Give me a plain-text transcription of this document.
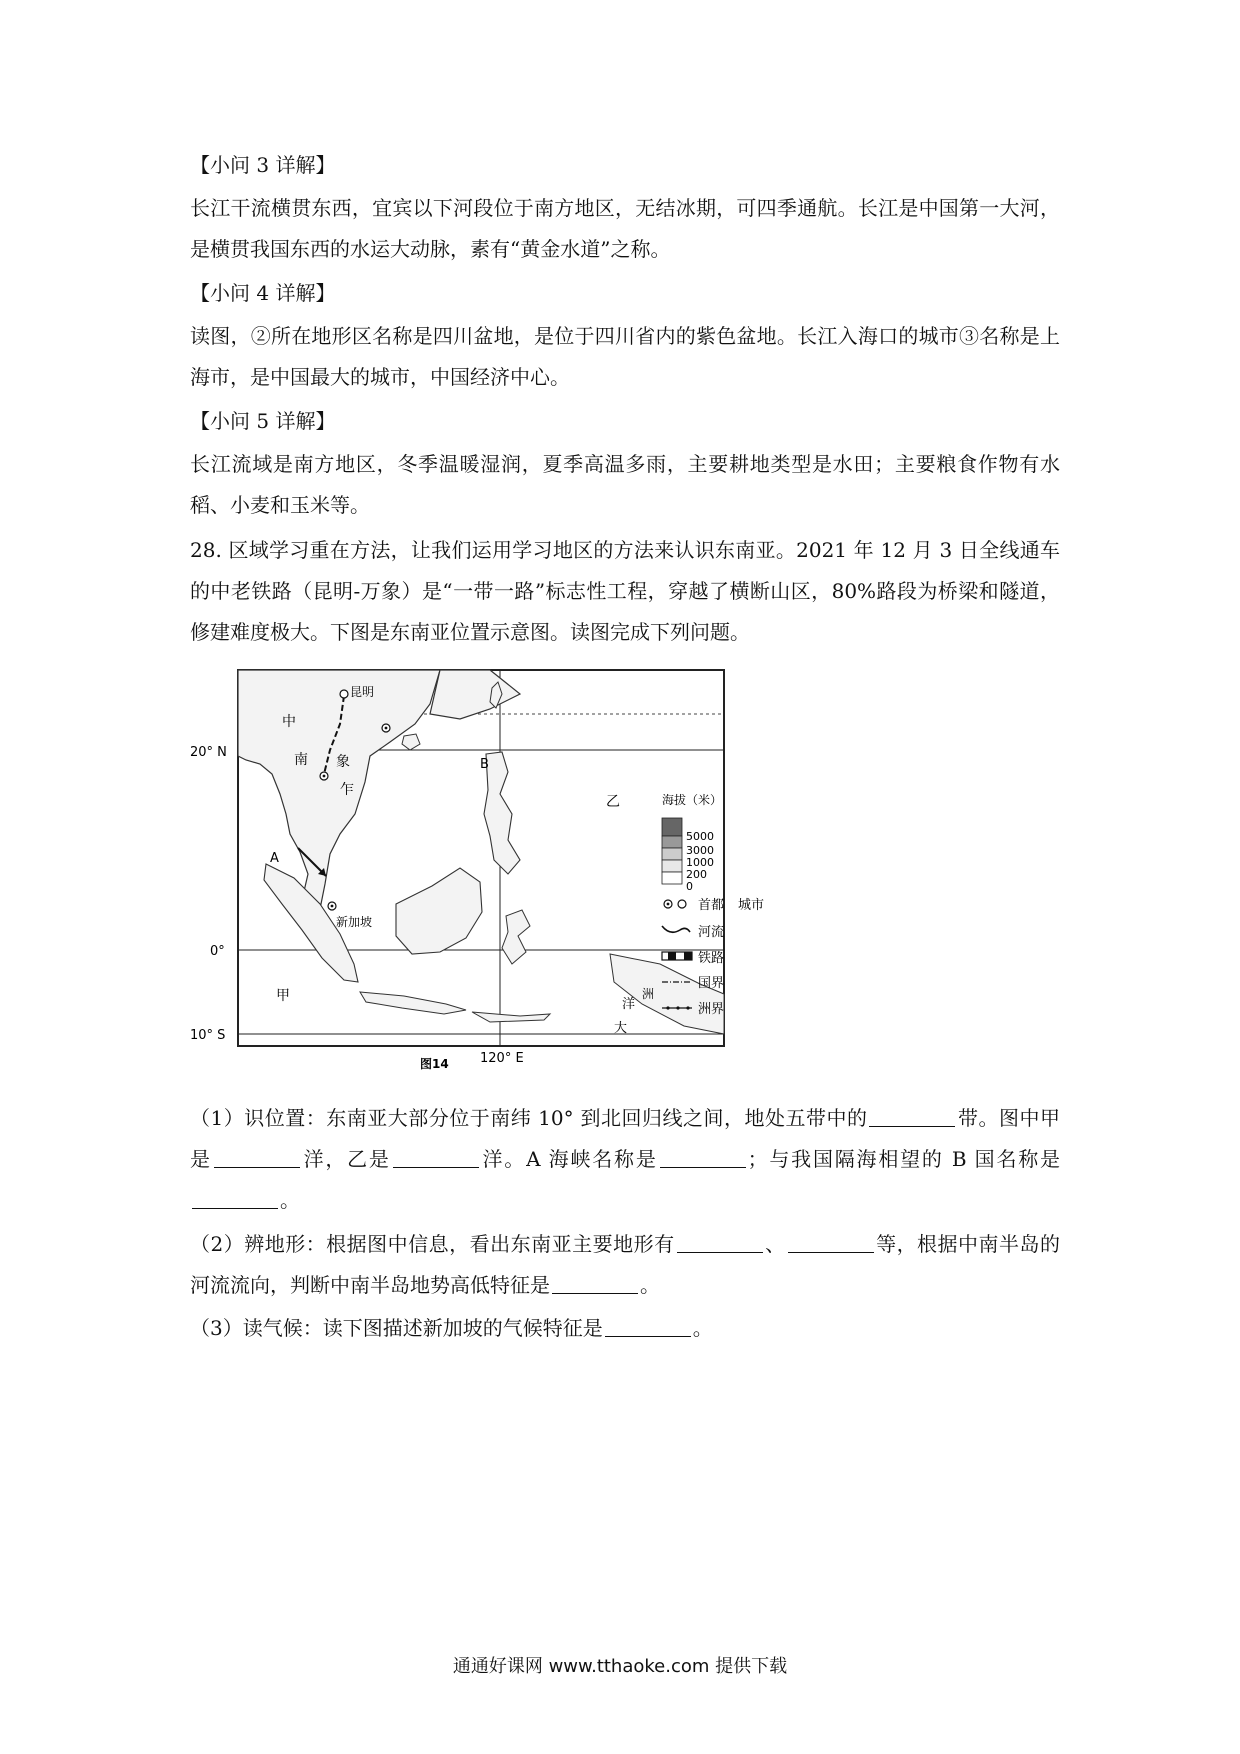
【小问 3 详解】
长江干流横贯东西，宜宾以下河段位于南方地区，无结冰期，可四季通航。长江是中国第一大河，是横贯我国东西的水运大动脉，素有“黄金水道”之称。
【小问 4 详解】
读图，②所在地形区名称是四川盆地，是位于四川省内的紫色盆地。长江入海口的城市③名称是上海市，是中国最大的城市，中国经济中心。
【小问 5 详解】
长江流域是南方地区，冬季温暖湿润，夏季高温多雨，主要耕地类型是水田；主要粮食作物有水稻、小麦和玉米等。
28. 区域学习重在方法，让我们运用学习地区的方法来认识东南亚。2021 年 12 月 3 日全线通车的中老铁路（昆明-万象）是“一带一路”标志性工程，穿越了横断山区，80%路段为桥梁和隧道，修建难度极大。下图是东南亚位置示意图。读图完成下列问题。
20° N
0°
10° S
120° E
图14
昆明
中
南 象
乍
新加坡
A
B
甲
乙
洋
大
洲
海拔（米）
5000
3000
1000
200
0
首都 城市
河流
铁路
国界
洲界
（1）识位置：东南亚大部分位于南纬 10° 到北回归线之间，地处五带中的	带。图中甲是	洋，乙是	洋。A 海峡名称是	；与我国隔海相望的 B 国名称是。
（2）辨地形：根据图中信息，看出东南亚主要地形有	、	等，根据中南半岛的河流流向，判断中南半岛地势高低特征是	。
（3）读气候：读下图描述新加坡的气候特征是	。
通通好课网 www.tthaoke.com 提供下载
